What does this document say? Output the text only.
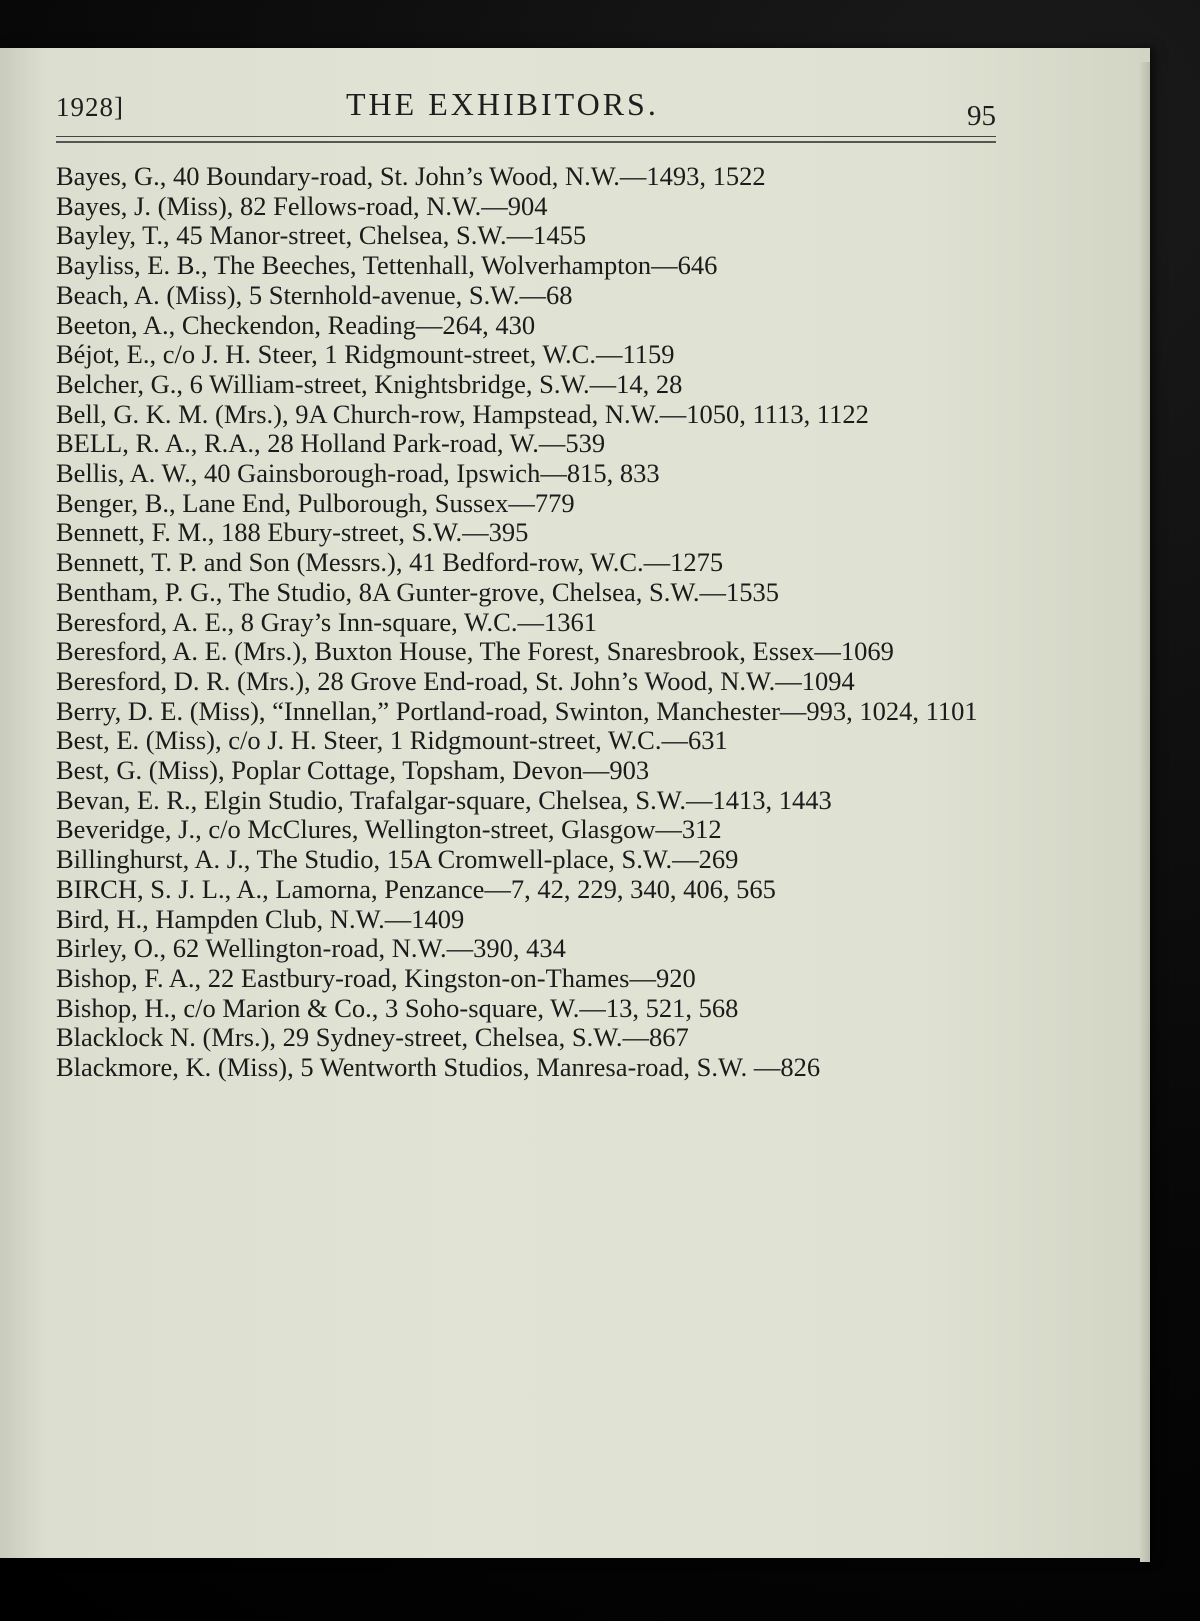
1928]	THE EXHIBITORS.	95
Bayes, G., 40 Boundary-road, St. John’s Wood, N.W.—1493, 1522
Bayes, J. (Miss), 82 Fellows-road, N.W.—904
Bayley, T., 45 Manor-street, Chelsea, S.W.—1455
Bayliss, E. B., The Beeches, Tettenhall, Wolverhampton—646
Beach, A. (Miss), 5 Sternhold-avenue, S.W.—68
Beeton, A., Checkendon, Reading—264, 430
Béjot, E., c/o J. H. Steer, 1 Ridgmount-street, W.C.—1159
Belcher, G., 6 William-street, Knightsbridge, S.W.—14, 28
Bell, G. K. M. (Mrs.), 9A Church-row, Hampstead, N.W.—1050, 1113, 1122
BELL, R. A., R.A., 28 Holland Park-road, W.—539
Bellis, A. W., 40 Gainsborough-road, Ipswich—815, 833
Benger, B., Lane End, Pulborough, Sussex—779
Bennett, F. M., 188 Ebury-street, S.W.—395
Bennett, T. P. and Son (Messrs.), 41 Bedford-row, W.C.—1275
Bentham, P. G., The Studio, 8A Gunter-grove, Chelsea, S.W.—1535
Beresford, A. E., 8 Gray’s Inn-square, W.C.—1361
Beresford, A. E. (Mrs.), Buxton House, The Forest, Snaresbrook, Essex—1069
Beresford, D. R. (Mrs.), 28 Grove End-road, St. John’s Wood, N.W.—1094
Berry, D. E. (Miss), “Innellan,” Portland-road, Swinton, Manchester—993, 1024, 1101
Best, E. (Miss), c/o J. H. Steer, 1 Ridgmount-street, W.C.—631
Best, G. (Miss), Poplar Cottage, Topsham, Devon—903
Bevan, E. R., Elgin Studio, Trafalgar-square, Chelsea, S.W.—1413, 1443
Beveridge, J., c/o McClures, Wellington-street, Glasgow—312
Billinghurst, A. J., The Studio, 15A Cromwell-place, S.W.—269
BIRCH, S. J. L., A., Lamorna, Penzance—7, 42, 229, 340, 406, 565
Bird, H., Hampden Club, N.W.—1409
Birley, O., 62 Wellington-road, N.W.—390, 434
Bishop, F. A., 22 Eastbury-road, Kingston-on-Thames—920
Bishop, H., c/o Marion & Co., 3 Soho-square, W.—13, 521, 568
Blacklock N. (Mrs.), 29 Sydney-street, Chelsea, S.W.—867
Blackmore, K. (Miss), 5 Wentworth Studios, Manresa-road, S.W. —826
